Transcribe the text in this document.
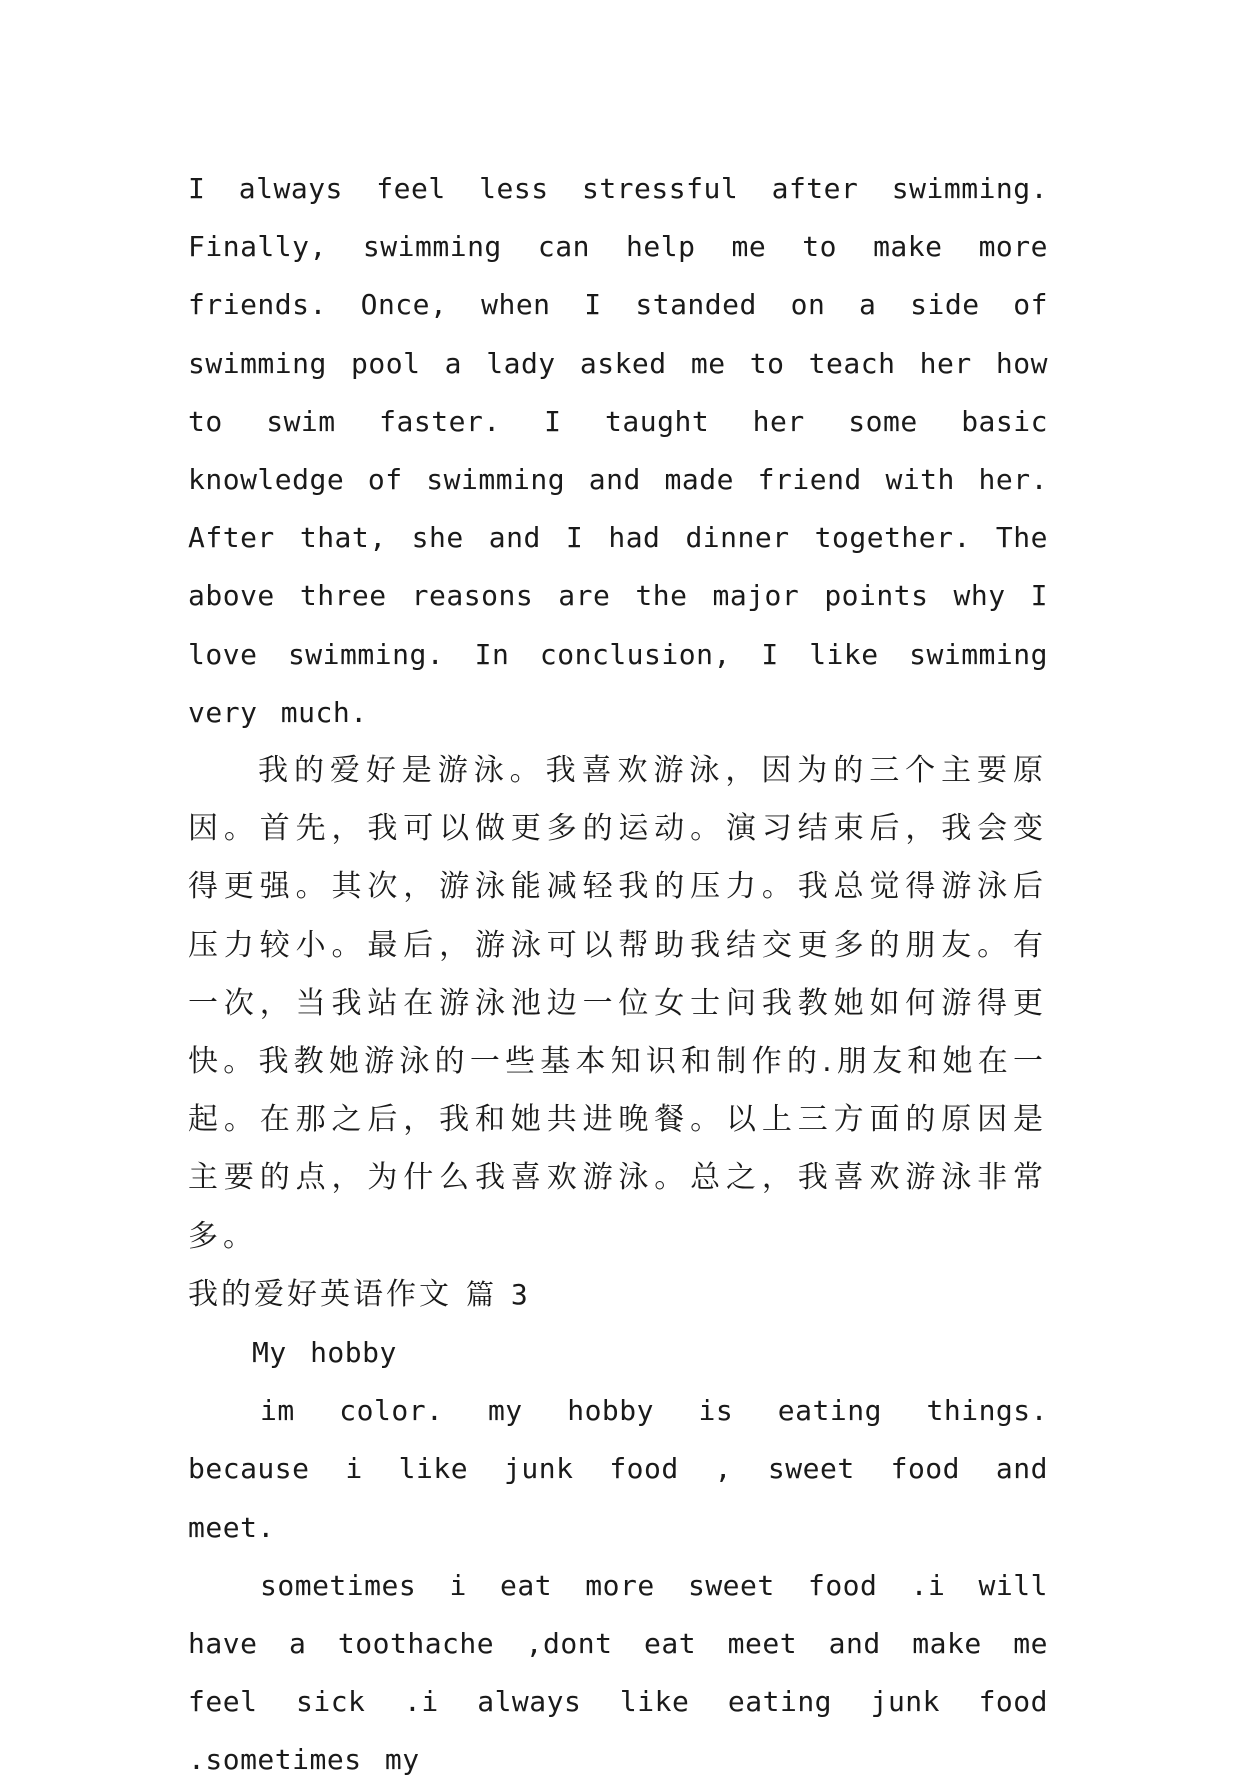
I always feel less stressful after swimming. Finally, swimming can help me to make more friends. Once, when I standed on a side of swimming pool a lady asked me to teach her how to swim faster. I taught her some basic knowledge of swimming and made friend with her. After that, she and I had dinner together. The above three reasons are the major points why I love swimming. In conclusion, I like swimming very much.

我的爱好是游泳。我喜欢游泳，因为的三个主要原因。首先，我可以做更多的运动。演习结束后，我会变得更强。其次，游泳能减轻我的压力。我总觉得游泳后压力较小。最后，游泳可以帮助我结交更多的朋友。有一次，当我站在游泳池边一位女士问我教她如何游得更快。我教她游泳的一些基本知识和制作的.朋友和她在一起。在那之后，我和她共进晚餐。以上三方面的原因是主要的点，为什么我喜欢游泳。总之，我喜欢游泳非常多。

我的爱好英语作文 篇 3

My hobby

im color. my hobby is eating things. because i like junk food , sweet food and meet.

sometimes i eat more sweet food .i will have a toothache ,dont eat meet and make me feel sick .i always like eating junk food .sometimes my
